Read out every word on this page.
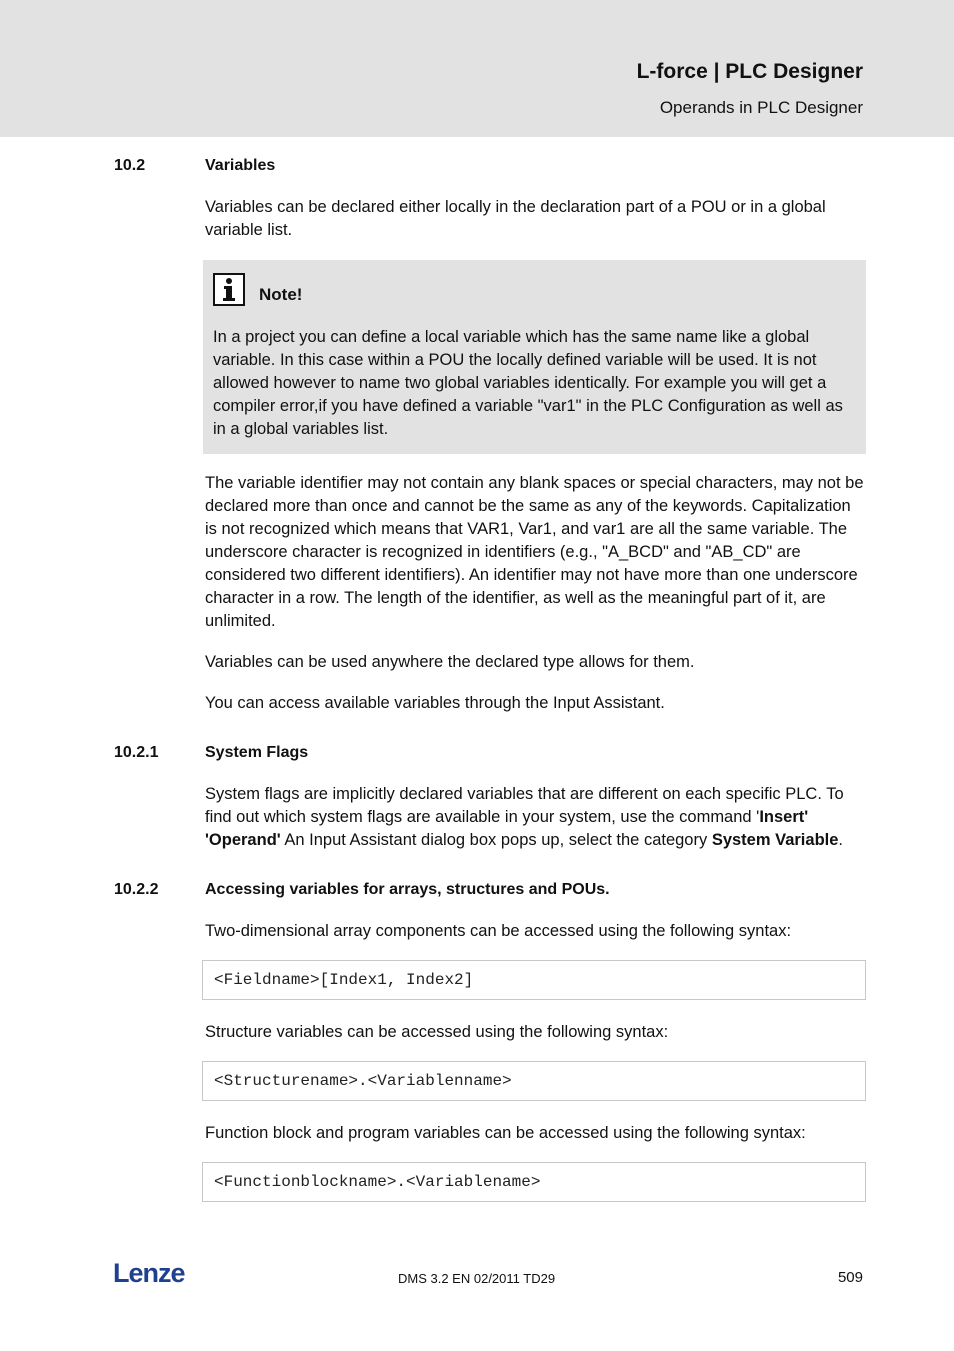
L-force | PLC Designer
Operands in PLC Designer
10.2	Variables
Variables can be declared either locally in the declaration part of a POU or in a global variable list.
Note!
In a project you can define a local variable which has the same name like a global variable. In this case within a POU the locally defined variable will be used. It is not allowed however to name two global variables identically. For example you will get a compiler error,if you have defined a variable "var1" in the PLC Configuration as well as in a global variables list.
The variable identifier may not contain any blank spaces or special characters, may not be declared more than once and cannot be the same as any of the keywords. Capitalization is not recognized which means that VAR1, Var1, and var1 are all the same variable. The underscore character is recognized in identifiers (e.g., "A_BCD" and "AB_CD" are considered two different identifiers). An identifier may not have more than one underscore character in a row. The length of the identifier, as well as the meaningful part of it, are unlimited.
Variables can be used anywhere the declared type allows for them.
You can access available variables through the Input Assistant.
10.2.1	System Flags
System flags are implicitly declared variables that are different on each specific PLC. To find out which system flags are available in your system, use the command 'Insert' 'Operand' An Input Assistant dialog box pops up, select the category System Variable.
10.2.2	Accessing variables for arrays, structures and POUs.
Two-dimensional array components can be accessed using the following syntax:
<Fieldname>[Index1, Index2]
Structure variables can be accessed using the following syntax:
<Structurename>.<Variablenname>
Function block and program variables can be accessed using the following syntax:
<Functionblockname>.<Variablename>
Lenze	DMS 3.2 EN 02/2011 TD29	509
